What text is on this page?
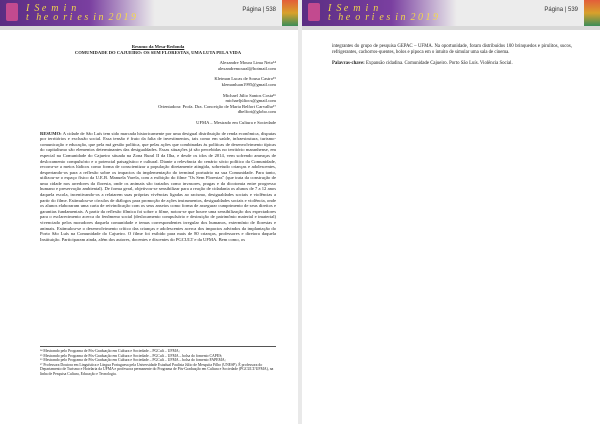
I  S e  m  i  n
t   h e  o  r i  e s  i n  2 0 1 9
Página | 538
Resumo da Mesa-Redonda
COMUNIDADE DO CAJUEIRO: OS SEM FLORESTAS, UMA LUTA PELA VIDA
Alexandre Moura Lima Neto¹⁴
alexandremoural@hotmail.com
Kleiman Lucas de Sousa Castro¹⁵
klemanluan1995@gmail.com
Michael Júlio Santos Costa¹⁶
michaeljúliocs@gmail.com
Orientadora: Profa. Dra. Conceição de Maria Belfort Carvalho¹⁷
dbelfort@globo.com
UFMA – Mestrado em Cultura e Sociedade
RESUMO: A cidade de São Luís tem sido marcada historicamente por uma desigual distribuição de renda econômica, disputas por territórios e exclusão social. Essa tensão é fruto da falta de investimentos, tais como em saúde, infraestrutura, turismo-comunicação e educação, que pela má gestão política, que pelas ações que combinadas às políticas de desenvolvimento típicas do capitalismo são elementos determinantes das desigualdades. Essas situações já são percebidas no território maranhense, em especial na Comunidade do Cajueiro situada na Zona Rural II da Ilha, e desde os idos de 2014, vem sofrendo ameaças de deslocamento compulsório e o potencial paisagístico e cultural. Diante a relevância do cenário sócio político da Comunidade, recorra-se a meios lúdicos como forma de conscientizar a população diretamente atingida, sobretudo crianças e adolescentes, despertando-os para a reflexão sobre os impactos da implementação do terminal portuário na sua Comunidade. Para tanto, utilizou-se o espaço físico da U.E.B. Manuela Varela, com a exibição do filme "Os Sem Florestas" (que trata da construção de uma cidade nos arredores da floresta, onde os animais são tratados como invasores, pragas e da dicotomia entre progresso humano e preservação ambiental). De forma geral, objetivou-se sensibilizar para a reação de cidadania os alunos de 7 a 12 anos daquela escola, incentivando-os a relatarem suas próprias vivências ligadas ao racismo, desigualdades sociais e violências a partir do filme. Estimulou-se círculos de diálogos para promoção de ações instrumentos, desigualdades sociais e violência, onde os alunos elaboraram uma carta de reivindicação com os seus anseios como forma de assegurar cumprimento de seus direitos e garantias fundamentais. A partir da reflexão fílmica foi sobre o filme, notou-se que houve uma sensibilização dos espectadores para o esclarecimento acerca do fenômeno social (deslocamento compulsório e destruição de patrimônio material e imaterial) vivenciado pelos moradores daquela comunidade e temas correspondentes irregular dos humanos, extermínio de florestas e animais. Estimulou-se o desenvolvimento crítico das crianças e adolescentes acerca dos impactos advindos da implantação do Porto São Luís na Comunidade do Cajueiro. O filme foi exibido para mais de 80 crianças, professores e diretora daquela Instituição. Participaram ainda, além dos autores, docentes e discentes do PGCULT e da UFMA. Bem como, os
¹⁴ Mestrando pelo Programa de Pós-Graduação em Cultura e Sociedade – PGCult – UFMA;
¹⁵ Mestrando pelo Programa de Pós-Graduação em Cultura e Sociedade – PGCult – UFMA – bolsa do fomento CAPES;
¹⁶ Mestrando pelo Programa de Pós-Graduação em Cultura e Sociedade – PGCult – UFMA – bolsa do fomento FAPEMA;
¹⁷ Professora Doutora em Linguística e Língua Portuguesa pela Universidade Estadual Paulista Júlio de Mesquita Filho (UNESP). É professora do Departamento de Turismo e Hotelaria da UFMA e professora permanente do Programa de Pós-Graduação em Cultura e Sociedade (PGCULT/UFMA), na linha de Pesquisa Cultura, Educação e Tecnologia.
I  S e  m  i  n
t   h e  o  r i  e s  i n  2 0 1 9
Página | 539
integrantes do grupo de pesquisa GEPAC – UFMA. Na oportunidade, foram distribuídos 100 brinquedos e pirulitos, sucos, refrigerantes, cachorros-quentes, bolos e pipoca em o intuito de simular uma sala de cinema.
Palavras-chave: Expansão cidadina. Comunidade Cajueiro. Porto São Luís. Violência Social.
